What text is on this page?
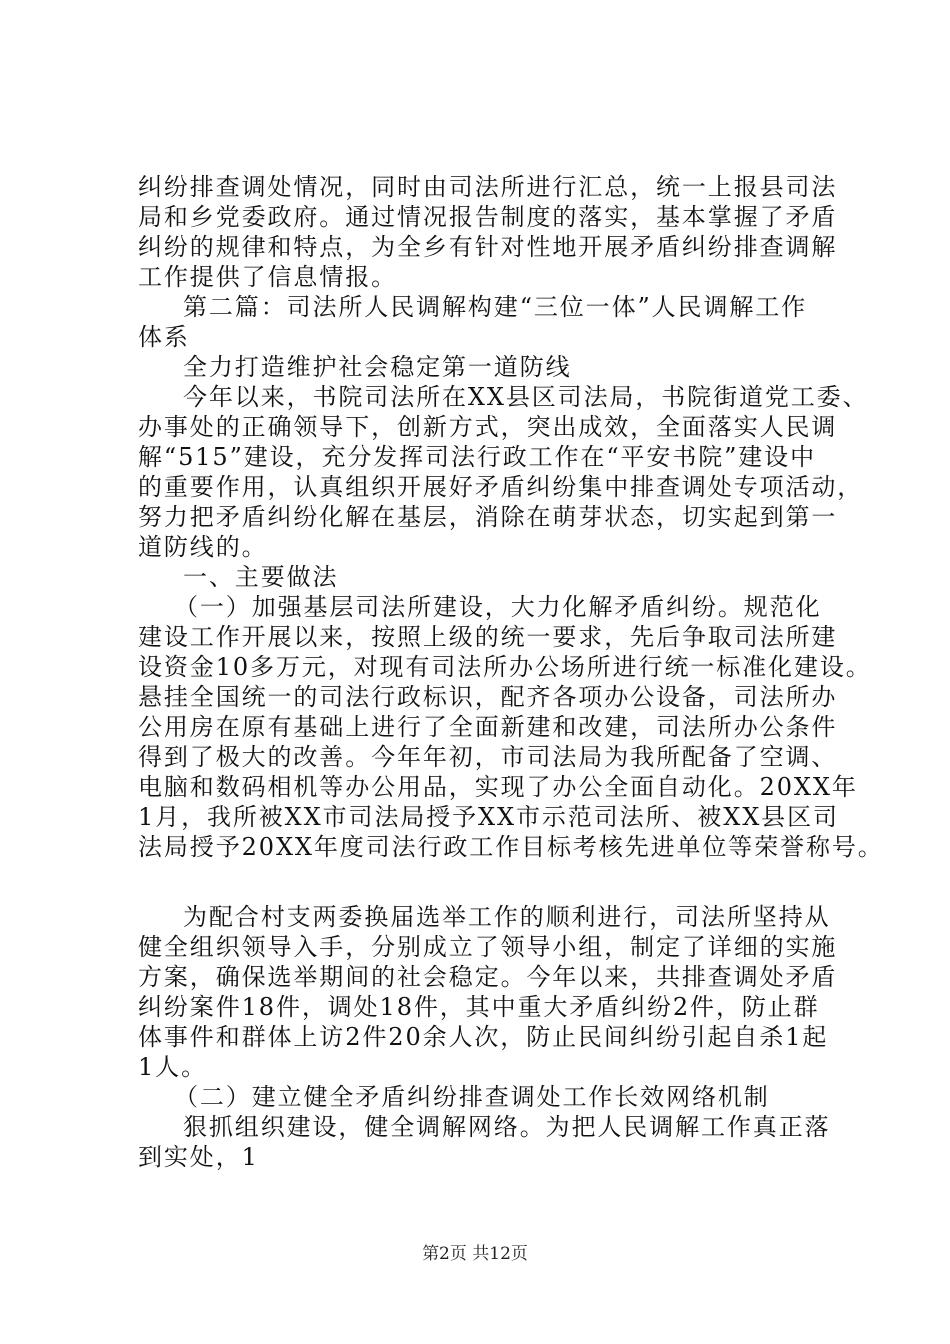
纠纷排查调处情况，同时由司法所进行汇总，统一上报县司法
局和乡党委政府。通过情况报告制度的落实，基本掌握了矛盾
纠纷的规律和特点，为全乡有针对性地开展矛盾纠纷排查调解
工作提供了信息情报。
第二篇：司法所人民调解构建“三位一体”人民调解工作
体系
全力打造维护社会稳定第一道防线
今年以来，书院司法所在XX县区司法局，书院街道党工委、
办事处的正确领导下，创新方式，突出成效，全面落实人民调
解“515”建设，充分发挥司法行政工作在“平安书院”建设中
的重要作用，认真组织开展好矛盾纠纷集中排查调处专项活动，
努力把矛盾纠纷化解在基层，消除在萌芽状态，切实起到第一
道防线的。
一、主要做法
（一）加强基层司法所建设，大力化解矛盾纠纷。规范化
建设工作开展以来，按照上级的统一要求，先后争取司法所建
设资金10多万元，对现有司法所办公场所进行统一标准化建设。
悬挂全国统一的司法行政标识，配齐各项办公设备，司法所办
公用房在原有基础上进行了全面新建和改建，司法所办公条件
得到了极大的改善。今年年初，市司法局为我所配备了空调、
电脑和数码相机等办公用品，实现了办公全面自动化。20XX年
1月，我所被XX市司法局授予XX市示范司法所、被XX县区司
法局授予20XX年度司法行政工作目标考核先进单位等荣誉称号。
为配合村支两委换届选举工作的顺利进行，司法所坚持从
健全组织领导入手，分别成立了领导小组，制定了详细的实施
方案，确保选举期间的社会稳定。今年以来，共排查调处矛盾
纠纷案件18件，调处18件，其中重大矛盾纠纷2件，防止群
体事件和群体上访2件20余人次，防止民间纠纷引起自杀1起
1人。
（二）建立健全矛盾纠纷排查调处工作长效网络机制
狠抓组织建设，健全调解网络。为把人民调解工作真正落
到实处，1
第2页 共12页
